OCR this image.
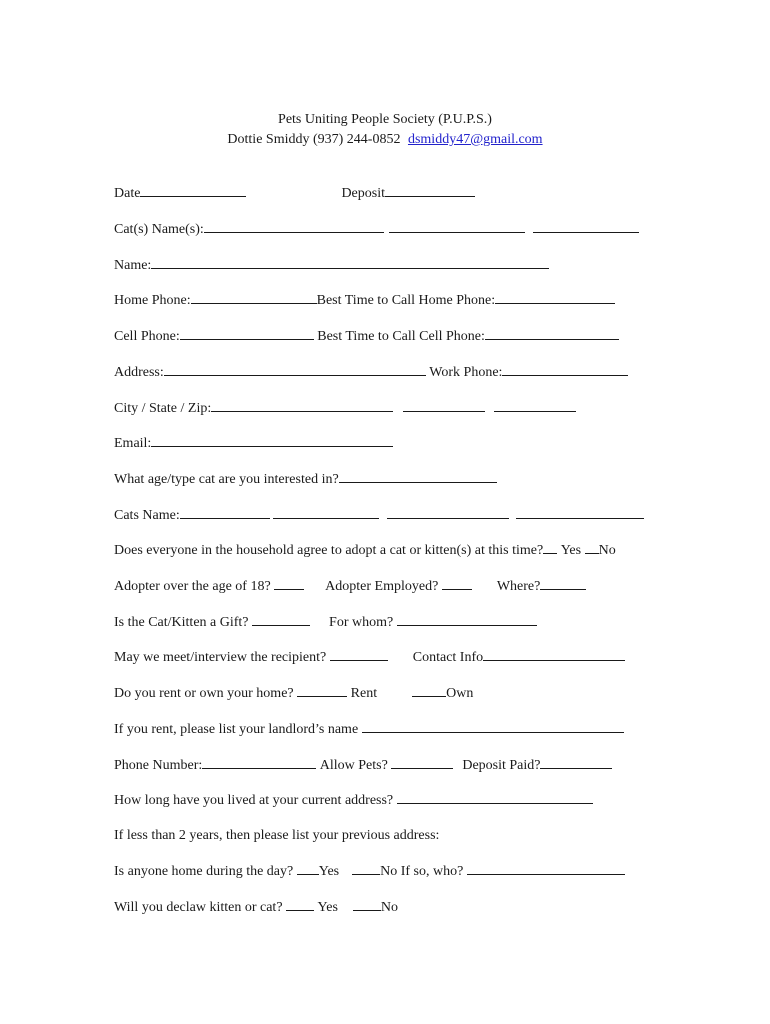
Pets Uniting People Society (P.U.P.S.)
Dottie Smiddy (937) 244-0852 dsmiddy47@gmail.com
Date	Deposit
Cat(s) Name(s):
Name:
Home Phone:	Best Time to Call Home Phone:
Cell Phone:	Best Time to Call Cell Phone:
Address:	Work Phone:
City / State / Zip:
Email:
What age/type cat are you interested in?
Cats Name:
Does everyone in the household agree to adopt a cat or kitten(s) at this time? Yes No
Adopter over the age of 18?	Adopter Employed?	Where?
Is the Cat/Kitten a Gift?	For whom?
May we meet/interview the recipient?	Contact Info
Do you rent or own your home?	Rent	Own
If you rent, please list your landlord’s name
Phone Number:	Allow Pets?	Deposit Paid?
How long have you lived at your current address?
If less than 2 years, then please list your previous address:
Is anyone home during the day? Yes	No If so, who?
Will you declaw kitten or cat?	Yes	No
